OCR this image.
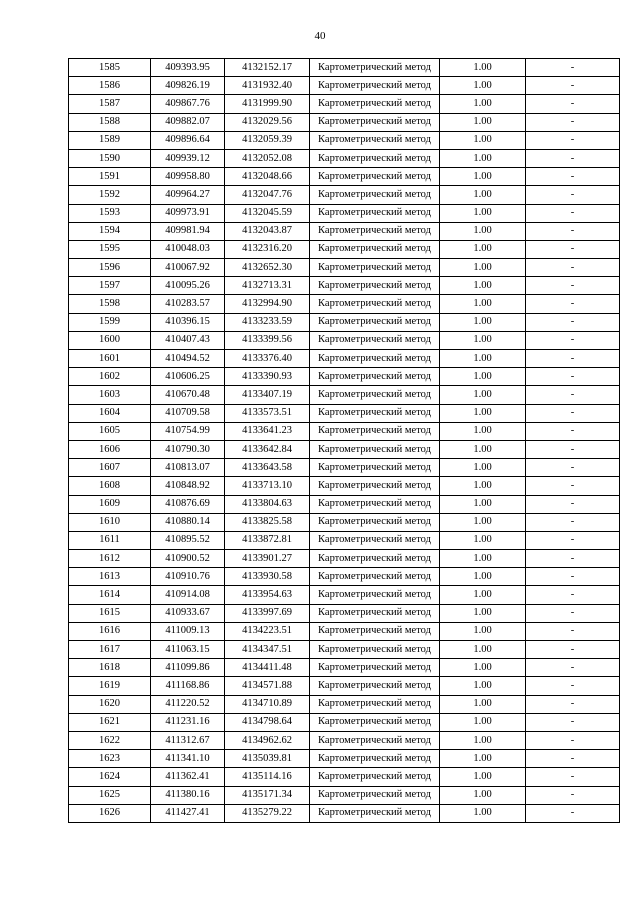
40
1585	409393.95	4132152.17	Картометрический метод	1.00	-
1586	409826.19	4131932.40	Картометрический метод	1.00	-
1587	409867.76	4131999.90	Картометрический метод	1.00	-
1588	409882.07	4132029.56	Картометрический метод	1.00	-
1589	409896.64	4132059.39	Картометрический метод	1.00	-
1590	409939.12	4132052.08	Картометрический метод	1.00	-
1591	409958.80	4132048.66	Картометрический метод	1.00	-
1592	409964.27	4132047.76	Картометрический метод	1.00	-
1593	409973.91	4132045.59	Картометрический метод	1.00	-
1594	409981.94	4132043.87	Картометрический метод	1.00	-
1595	410048.03	4132316.20	Картометрический метод	1.00	-
1596	410067.92	4132652.30	Картометрический метод	1.00	-
1597	410095.26	4132713.31	Картометрический метод	1.00	-
1598	410283.57	4132994.90	Картометрический метод	1.00	-
1599	410396.15	4133233.59	Картометрический метод	1.00	-
1600	410407.43	4133399.56	Картометрический метод	1.00	-
1601	410494.52	4133376.40	Картометрический метод	1.00	-
1602	410606.25	4133390.93	Картометрический метод	1.00	-
1603	410670.48	4133407.19	Картометрический метод	1.00	-
1604	410709.58	4133573.51	Картометрический метод	1.00	-
1605	410754.99	4133641.23	Картометрический метод	1.00	-
1606	410790.30	4133642.84	Картометрический метод	1.00	-
1607	410813.07	4133643.58	Картометрический метод	1.00	-
1608	410848.92	4133713.10	Картометрический метод	1.00	-
1609	410876.69	4133804.63	Картометрический метод	1.00	-
1610	410880.14	4133825.58	Картометрический метод	1.00	-
1611	410895.52	4133872.81	Картометрический метод	1.00	-
1612	410900.52	4133901.27	Картометрический метод	1.00	-
1613	410910.76	4133930.58	Картометрический метод	1.00	-
1614	410914.08	4133954.63	Картометрический метод	1.00	-
1615	410933.67	4133997.69	Картометрический метод	1.00	-
1616	411009.13	4134223.51	Картометрический метод	1.00	-
1617	411063.15	4134347.51	Картометрический метод	1.00	-
1618	411099.86	4134411.48	Картометрический метод	1.00	-
1619	411168.86	4134571.88	Картометрический метод	1.00	-
1620	411220.52	4134710.89	Картометрический метод	1.00	-
1621	411231.16	4134798.64	Картометрический метод	1.00	-
1622	411312.67	4134962.62	Картометрический метод	1.00	-
1623	411341.10	4135039.81	Картометрический метод	1.00	-
1624	411362.41	4135114.16	Картометрический метод	1.00	-
1625	411380.16	4135171.34	Картометрический метод	1.00	-
1626	411427.41	4135279.22	Картометрический метод	1.00	-
